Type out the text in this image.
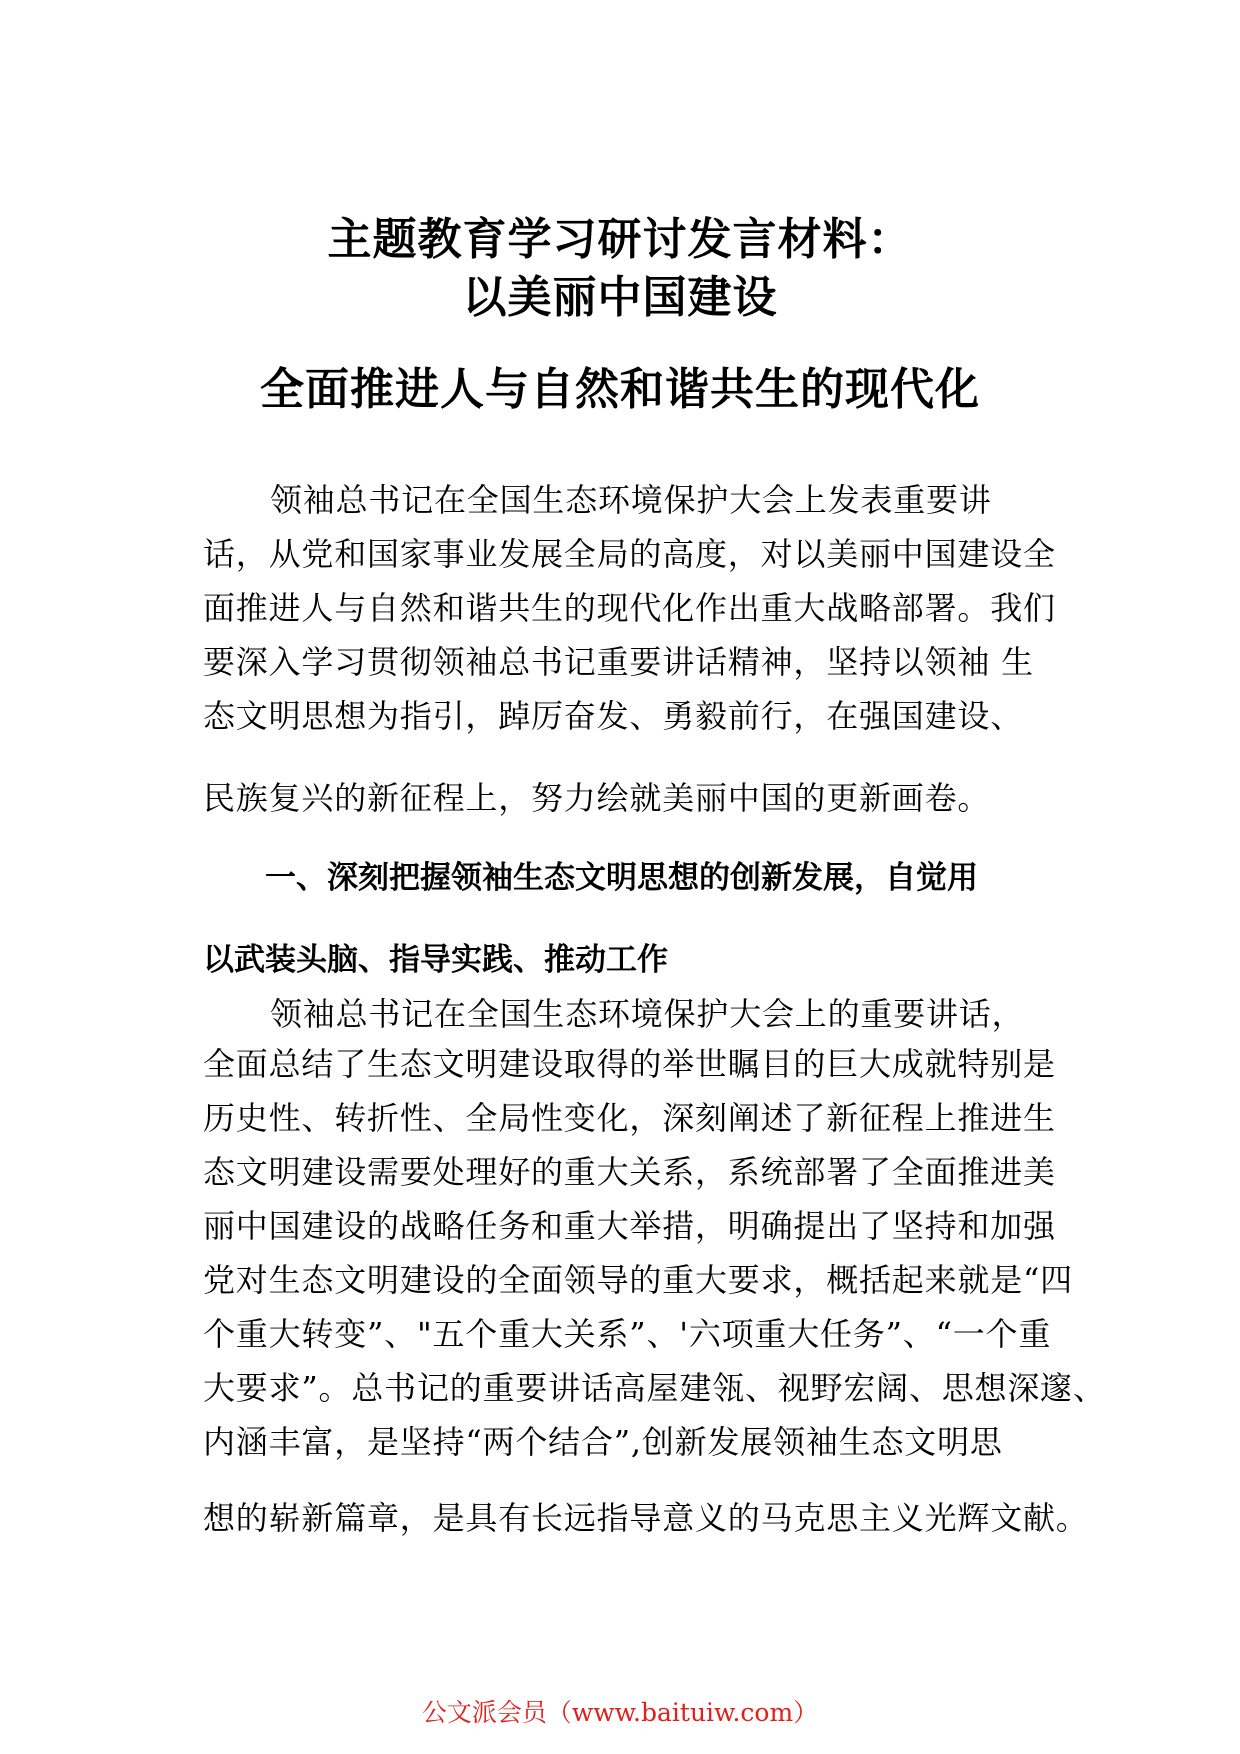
主题教育学习研讨发言材料：
以美丽中国建设
全面推进人与自然和谐共生的现代化
领袖总书记在全国生态环境保护大会上发表重要讲
话，从党和国家事业发展全局的高度，对以美丽中国建设全
面推进人与自然和谐共生的现代化作出重大战略部署。我们
要深入学习贯彻领袖总书记重要讲话精神，坚持以领袖 生
态文明思想为指引，踔厉奋发、勇毅前行，在强国建设、
民族复兴的新征程上，努力绘就美丽中国的更新画卷。
一、深刻把握领袖生态文明思想的创新发展，自觉用
以武装头脑、指导实践、推动工作
领袖总书记在全国生态环境保护大会上的重要讲话，
全面总结了生态文明建设取得的举世瞩目的巨大成就特别是
历史性、转折性、全局性变化，深刻阐述了新征程上推进生
态文明建设需要处理好的重大关系，系统部署了全面推进美
丽中国建设的战略任务和重大举措，明确提出了坚持和加强
党对生态文明建设的全面领导的重大要求，概括起来就是“四
个重大转变”、"五个重大关系”、'六项重大任务”、“一个重
大要求”。总书记的重要讲话高屋建瓴、视野宏阔、思想深邃、
内涵丰富，是坚持“两个结合”,创新发展领袖生态文明思
想的崭新篇章，是具有长远指导意义的马克思主义光辉文献。
公文派会员（www.baituiw.com）
